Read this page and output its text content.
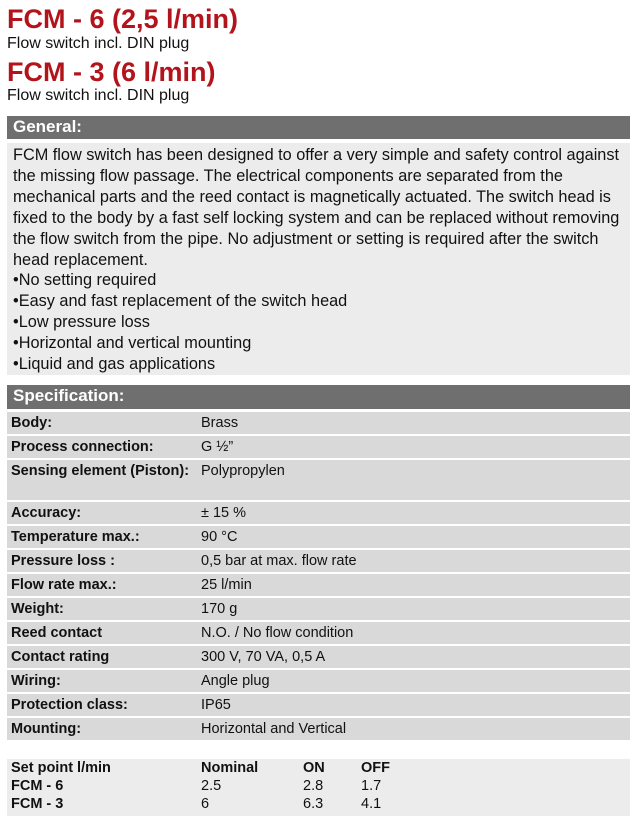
FCM - 6 (2,5 l/min)
Flow switch incl. DIN plug
FCM - 3 (6 l/min)
Flow switch incl. DIN plug
General:

FCM flow switch has been designed to offer a very simple and safety control against the missing flow passage. The electrical components are separated from the mechanical parts and the reed contact is magnetically actuated. The switch head is fixed to the body by a fast self locking system and can be replaced without removing the flow switch from the pipe. No adjustment or setting is required after the switch head replacement.

• No setting required
• Easy and fast replacement of the switch head
• Low pressure loss
• Horizontal and vertical mounting
• Liquid and gas applications
Specification:
Body:	Brass
Process connection:	G ½”
Sensing element (Piston): Polypropylen
Accuracy:	± 15 %
Temperature max.:	90 °C
Pressure loss :	0,5 bar at max. flow rate
Flow rate max.:	25 l/min
Weight:	170 g
Reed contact	N.O. / No flow condition
Contact rating	300 V, 70 VA, 0,5 A
Wiring:	Angle plug
Protection class:	IP65
Mounting:	Horizontal and Vertical
Set point l/min	Nominal	ON	OFF
FCM - 6	2.5	2.8	1.7
FCM - 3	6	6.3	4.1
